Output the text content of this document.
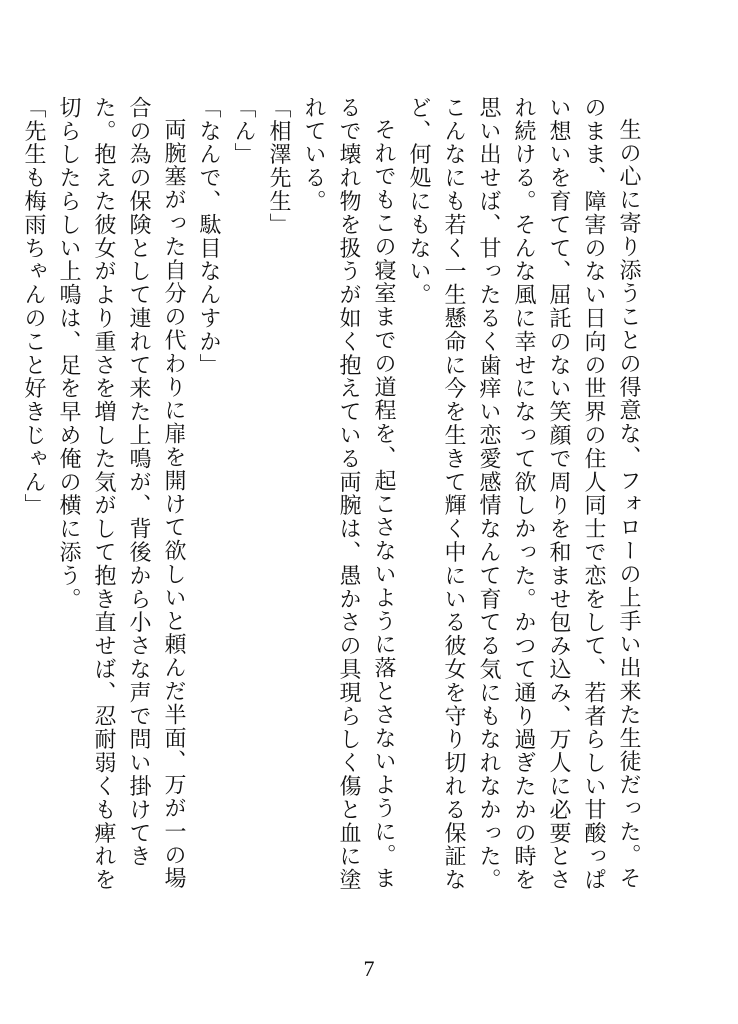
生の心に寄り添うことの得意な、フォローの上手い出来た生徒だった。そのまま、障害のない日向の世界の住人同士で恋をして、若者らしい甘酸っぱい想いを育てて、屈託のない笑顔で周りを和ませ包み込み、万人に必要とされ続ける。そんな風に幸せになって欲しかった。かつて通り過ぎたかの時を思い出せば、甘ったるく歯痒い恋愛感情なんて育てる気にもなれなかった。こんなにも若く一生懸命に今を生きて輝く中にいる彼女を守り切れる保証など、何処にもない。

それでもこの寝室までの道程を、起こさないように落とさないように。まるで壊れ物を扱うが如く抱えている両腕は、愚かさの具現らしく傷と血に塗れている。

「相澤先生」

「ん」

「なんで、駄目なんすか」

両腕塞がった自分の代わりに扉を開けて欲しいと頼んだ半面、万が一の場合の為の保険として連れて来た上鳴が、背後から小さな声で問い掛けてきた。抱えた彼女がより重さを増した気がして抱き直せば、忍耐弱くも痺れを切らしたらしい上鳴は、足を早め俺の横に添う。

「先生も梅雨ちゃんのこと好きじゃん」

7
